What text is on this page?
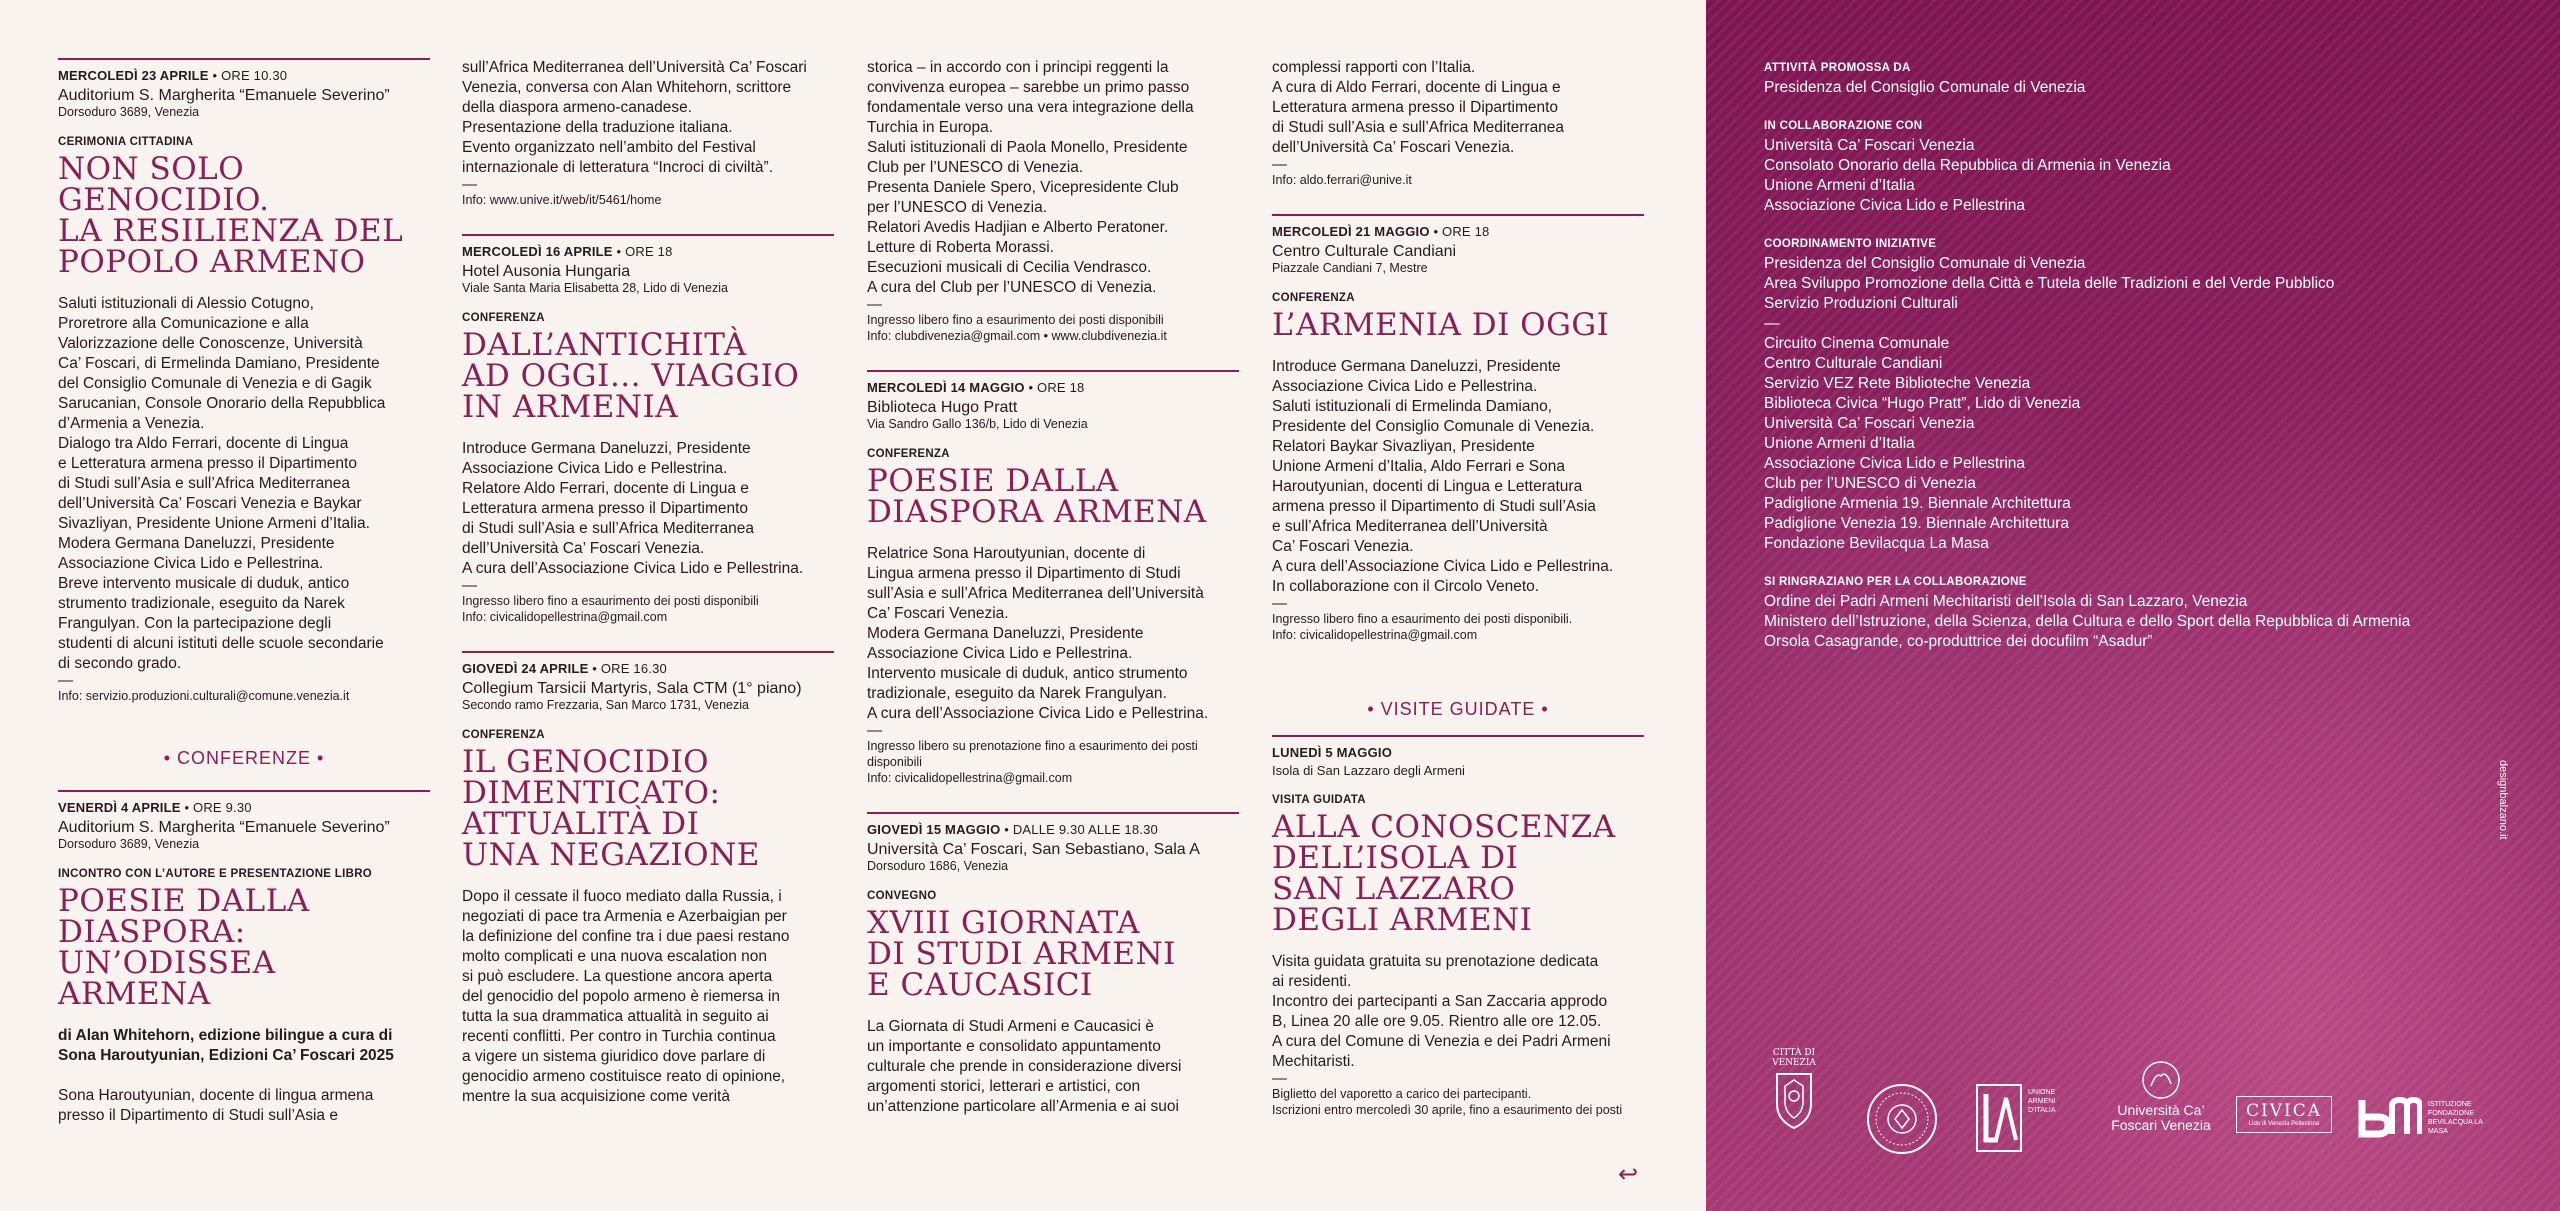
MERCOLEDÌ 23 APRILE • ORE 10.30
Auditorium S. Margherita “Emanuele Severino”
Dorsoduro 3689, Venezia
CERIMONIA CITTADINA
NON SOLO
GENOCIDIO.
LA RESILIENZA DEL
POPOLO ARMENO
Saluti istituzionali di Alessio Cotugno,
Proretrore alla Comunicazione e alla
Valorizzazione delle Conoscenze, Università
Ca’ Foscari, di Ermelinda Damiano, Presidente
del Consiglio Comunale di Venezia e di Gagik
Sarucanian, Console Onorario della Repubblica
d’Armenia a Venezia.
Dialogo tra Aldo Ferrari, docente di Lingua
e Letteratura armena presso il Dipartimento
di Studi sull’Asia e sull’Africa Mediterranea
dell’Università Ca’ Foscari Venezia e Baykar
Sivazliyan, Presidente Unione Armeni d’Italia.
Modera Germana Daneluzzi, Presidente
Associazione Civica Lido e Pellestrina.
Breve intervento musicale di duduk, antico
strumento tradizionale, eseguito da Narek
Frangulyan. Con la partecipazione degli
studenti di alcuni istituti delle scuole secondarie
di secondo grado.
—
Info: servizio.produzioni.culturali@comune.venezia.it
• CONFERENZE •
VENERDÌ 4 APRILE • ORE 9.30
Auditorium S. Margherita “Emanuele Severino”
Dorsoduro 3689, Venezia
INCONTRO CON L’AUTORE E PRESENTAZIONE LIBRO
POESIE DALLA
DIASPORA:
UN’ODISSEA
ARMENA
di Alan Whitehorn, edizione bilingue a cura di
Sona Haroutyunian, Edizioni Ca’ Foscari 2025
Sona Haroutyunian, docente di lingua armena
presso il Dipartimento di Studi sull’Asia e
sull’Africa Mediterranea dell’Università Ca’ Foscari
Venezia, conversa con Alan Whitehorn, scrittore
della diaspora armeno-canadese.
Presentazione della traduzione italiana.
Evento organizzato nell’ambito del Festival
internazionale di letteratura “Incroci di civiltà”.
—
Info: www.unive.it/web/it/5461/home
MERCOLEDÌ 16 APRILE • ORE 18
Hotel Ausonia Hungaria
Viale Santa Maria Elisabetta 28, Lido di Venezia
CONFERENZA
DALL’ANTICHITÀ
AD OGGI… VIAGGIO
IN ARMENIA
Introduce Germana Daneluzzi, Presidente
Associazione Civica Lido e Pellestrina.
Relatore Aldo Ferrari, docente di Lingua e
Letteratura armena presso il Dipartimento
di Studi sull’Asia e sull’Africa Mediterranea
dell’Università Ca’ Foscari Venezia.
A cura dell’Associazione Civica Lido e Pellestrina.
—
Ingresso libero fino a esaurimento dei posti disponibili
Info: civicalidopellestrina@gmail.com
GIOVEDÌ 24 APRILE • ORE 16.30
Collegium Tarsicii Martyris, Sala CTM (1° piano)
Secondo ramo Frezzaria, San Marco 1731, Venezia
CONFERENZA
IL GENOCIDIO
DIMENTICATO:
ATTUALITÀ DI
UNA NEGAZIONE
Dopo il cessate il fuoco mediato dalla Russia, i
negoziati di pace tra Armenia e Azerbaigian per
la definizione del confine tra i due paesi restano
molto complicati e una nuova escalation non
si può escludere. La questione ancora aperta
del genocidio del popolo armeno è riemersa in
tutta la sua drammatica attualità in seguito ai
recenti conflitti. Per contro in Turchia continua
a vigere un sistema giuridico dove parlare di
genocidio armeno costituisce reato di opinione,
mentre la sua acquisizione come verità
storica – in accordo con i principi reggenti la
convivenza europea – sarebbe un primo passo
fondamentale verso una vera integrazione della
Turchia in Europa.
Saluti istituzionali di Paola Monello, Presidente
Club per l’UNESCO di Venezia.
Presenta Daniele Spero, Vicepresidente Club
per l’UNESCO di Venezia.
Relatori Avedis Hadjian e Alberto Peratoner.
Letture di Roberta Morassi.
Esecuzioni musicali di Cecilia Vendrasco.
A cura del Club per l’UNESCO di Venezia.
—
Ingresso libero fino a esaurimento dei posti disponibili
Info: clubdivenezia@gmail.com • www.clubdivenezia.it
MERCOLEDÌ 14 MAGGIO • ORE 18
Biblioteca Hugo Pratt
Via Sandro Gallo 136/b, Lido di Venezia
CONFERENZA
POESIE DALLA
DIASPORA ARMENA
Relatrice Sona Haroutyunian, docente di
Lingua armena presso il Dipartimento di Studi
sull’Asia e sull’Africa Mediterranea dell’Università
Ca’ Foscari Venezia.
Modera Germana Daneluzzi, Presidente
Associazione Civica Lido e Pellestrina.
Intervento musicale di duduk, antico strumento
tradizionale, eseguito da Narek Frangulyan.
A cura dell’Associazione Civica Lido e Pellestrina.
—
Ingresso libero su prenotazione fino a esaurimento dei posti
disponibili
Info: civicalidopellestrina@gmail.com
GIOVEDÌ 15 MAGGIO • DALLE 9.30 ALLE 18.30
Università Ca’ Foscari, San Sebastiano, Sala A
Dorsoduro 1686, Venezia
CONVEGNO
XVIII GIORNATA
DI STUDI ARMENI
E CAUCASICI
La Giornata di Studi Armeni e Caucasici è
un importante e consolidato appuntamento
culturale che prende in considerazione diversi
argomenti storici, letterari e artistici, con
un’attenzione particolare all’Armenia e ai suoi
complessi rapporti con l’Italia.
A cura di Aldo Ferrari, docente di Lingua e
Letteratura armena presso il Dipartimento
di Studi sull’Asia e sull’Africa Mediterranea
dell’Università Ca’ Foscari Venezia.
—
Info: aldo.ferrari@unive.it
MERCOLEDÌ 21 MAGGIO • ORE 18
Centro Culturale Candiani
Piazzale Candiani 7, Mestre
CONFERENZA
L’ARMENIA DI OGGI
Introduce Germana Daneluzzi, Presidente
Associazione Civica Lido e Pellestrina.
Saluti istituzionali di Ermelinda Damiano,
Presidente del Consiglio Comunale di Venezia.
Relatori Baykar Sivazliyan, Presidente
Unione Armeni d’Italia, Aldo Ferrari e Sona
Haroutyunian, docenti di Lingua e Letteratura
armena presso il Dipartimento di Studi sull’Asia
e sull’Africa Mediterranea dell’Università
Ca’ Foscari Venezia.
A cura dell’Associazione Civica Lido e Pellestrina.
In collaborazione con il Circolo Veneto.
—
Ingresso libero fino a esaurimento dei posti disponibili.
Info: civicalidopellestrina@gmail.com
• VISITE GUIDATE •
LUNEDÌ 5 MAGGIO
Isola di San Lazzaro degli Armeni
VISITA GUIDATA
ALLA CONOSCENZA
DELL’ISOLA DI
SAN LAZZARO
DEGLI ARMENI
Visita guidata gratuita su prenotazione dedicata
ai residenti.
Incontro dei partecipanti a San Zaccaria approdo
B, Linea 20 alle ore 9.05. Rientro alle ore 12.05.
A cura del Comune di Venezia e dei Padri Armeni
Mechitaristi.
—
Biglietto del vaporetto a carico dei partecipanti.
Iscrizioni entro mercoledì 30 aprile, fino a esaurimento dei posti
↩
ATTIVITÀ PROMOSSA DA
Presidenza del Consiglio Comunale di Venezia
IN COLLABORAZIONE CON
Università Ca’ Foscari Venezia
Consolato Onorario della Repubblica di Armenia in Venezia
Unione Armeni d’Italia
Associazione Civica Lido e Pellestrina
COORDINAMENTO INIZIATIVE
Presidenza del Consiglio Comunale di Venezia
Area Sviluppo Promozione della Città e Tutela delle Tradizioni e del Verde Pubblico
Servizio Produzioni Culturali
—
Circuito Cinema Comunale
Centro Culturale Candiani
Servizio VEZ Rete Biblioteche Venezia
Biblioteca Civica “Hugo Pratt”, Lido di Venezia
Università Ca’ Foscari Venezia
Unione Armeni d’Italia
Associazione Civica Lido e Pellestrina
Club per l’UNESCO di Venezia
Padiglione Armenia 19. Biennale Architettura
Padiglione Venezia 19. Biennale Architettura
Fondazione Bevilacqua La Masa
SI RINGRAZIANO PER LA COLLABORAZIONE
Ordine dei Padri Armeni Mechitaristi dell’Isola di San Lazzaro, Venezia
Ministero dell’Istruzione, della Scienza, della Cultura e dello Sport della Repubblica di Armenia
Orsola Casagrande, co-produttrice dei docufilm “Asadur”
designbalzano.it
CITTÀ DI VENEZIA
UNIONE ARMENI D’ITALIA	Università Ca’ Foscari Venezia
CIVICA
Lido di Venezia Pellestrina
ISTITUZIONE FONDAZIONE BEVILACQUA LA MASA
